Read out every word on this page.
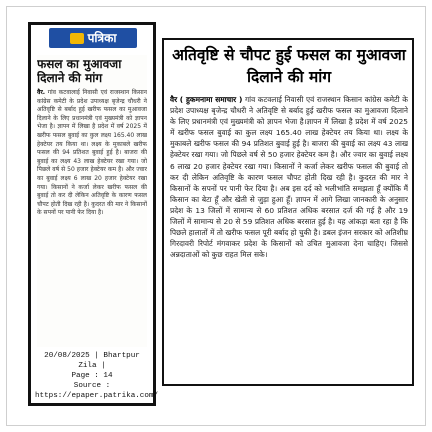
पत्रिका
फसल का मुआवजा दिलाने की मांग
वैर. गांव कटवालाई निवासी एवं राजस्थान किसान कांग्रेस कमेटी के प्रदेश उपाध्यक्ष बृजेन्द्र चौधरी ने अतिवृष्टि से बर्बाद हुई खरीफ फसल का मुआवजा दिलाने के लिए प्रधानमंत्री एवं मुख्यमंत्री को ज्ञापन भेजा है। ज्ञापन में लिखा है प्रदेश में वर्ष 2025 में खरीफ फसल बुवाई का कुल लक्ष्य 165.40 लाख हेक्टेयर तय किया था। लक्ष्य के मुकाबले खरीफ फसल की 94 प्रतिशत बुवाई हुई है। बाजरा की बुवाई का लक्ष्य 43 लाख हेक्टेयर रखा गया। जो पिछले वर्ष से 50 हजार हेक्टेयर कम है। और ज्वार का बुवाई लक्ष्य 6 लाख 20 हजार हेक्टेयर रखा गया। किसानों ने कर्जा लेकर खरीफ फसल की बुवाई तो कर दी लेकिन अतिवृष्टि के कारण फसल चौपट होती दिख रही है। कुदरत की मार ने किसानों के सपनों पर पानी फेर दिया है।
20/08/2025 | Bhartpur Zila |
Page : 14
Source :
https://epaper.patrika.com/
अतिवृष्टि से चौपट हुई फसल का मुआवजा दिलाने की मांग
वैर ( हुकमनामा समाचार ) गांव कटवलाई निवासी एवं राजस्थान किसान कांग्रेस कमेटी के प्रदेश उपाध्यक्ष बृजेन्द्र चौधरी ने अतिवृष्टि से बर्बाद हुई खरीफ फसल का मुआवजा दिलाने के लिए प्रधानमंत्री एवं मुख्यमंत्री को ज्ञापन भेजा है।ज्ञापन में लिखा है प्रदेश में वर्ष 2025 में खरीफ फसल बुवाई का कुल लक्ष्य 165.40 लाख हेक्टेयर तय किया था। लक्ष्य के मुकाबले खरीफ फसल की 94 प्रतिशत बुवाई हुई है। बाजरा की बुवाई का लक्ष्य 43 लाख हेक्टेयर रखा गया। जो पिछले वर्ष से 50 हजार हेक्टेयर कम है। और ज्वार का बुवाई लक्ष्य 6 लाख 20 हजार हेक्टेयर रखा गया। किसानों ने कर्जा लेकर खरीफ फसल की बुवाई तो कर दी लेकिन अतिवृष्टि के कारण फसल चौपट होती दिख रही है। कुदरत की मार ने किसानों के सपनों पर पानी फेर दिया है। अब इस दर्द को भलीभांति समझता हूँ क्योंकि मैं किसान का बेटा हूँ और खेती से जुड़ा हुआ हूँ। ज्ञापन में आगे लिखा जानकारी के अनुसार प्रदेश के 13 जिलों में सामान्य से 60 प्रतिशत अधिक बरसात दर्ज की गई है और 19 जिलों में सामान्य से 20 से 59 प्रतिशत अधिक बरसात हुई है। यह आंकड़ा बता रहा है कि पिछले हालातों में तो खरीफ फसल पूरी बर्बाद हो चुकी है। डबल इंजन सरकार को अतिशीघ्र गिरदावरी रिपोर्ट मंगवाकर प्रदेश के किसानों को उचित मुआवजा देना चाहिए। जिससे अन्नदाताओं को कुछ राहत मिल सके।
